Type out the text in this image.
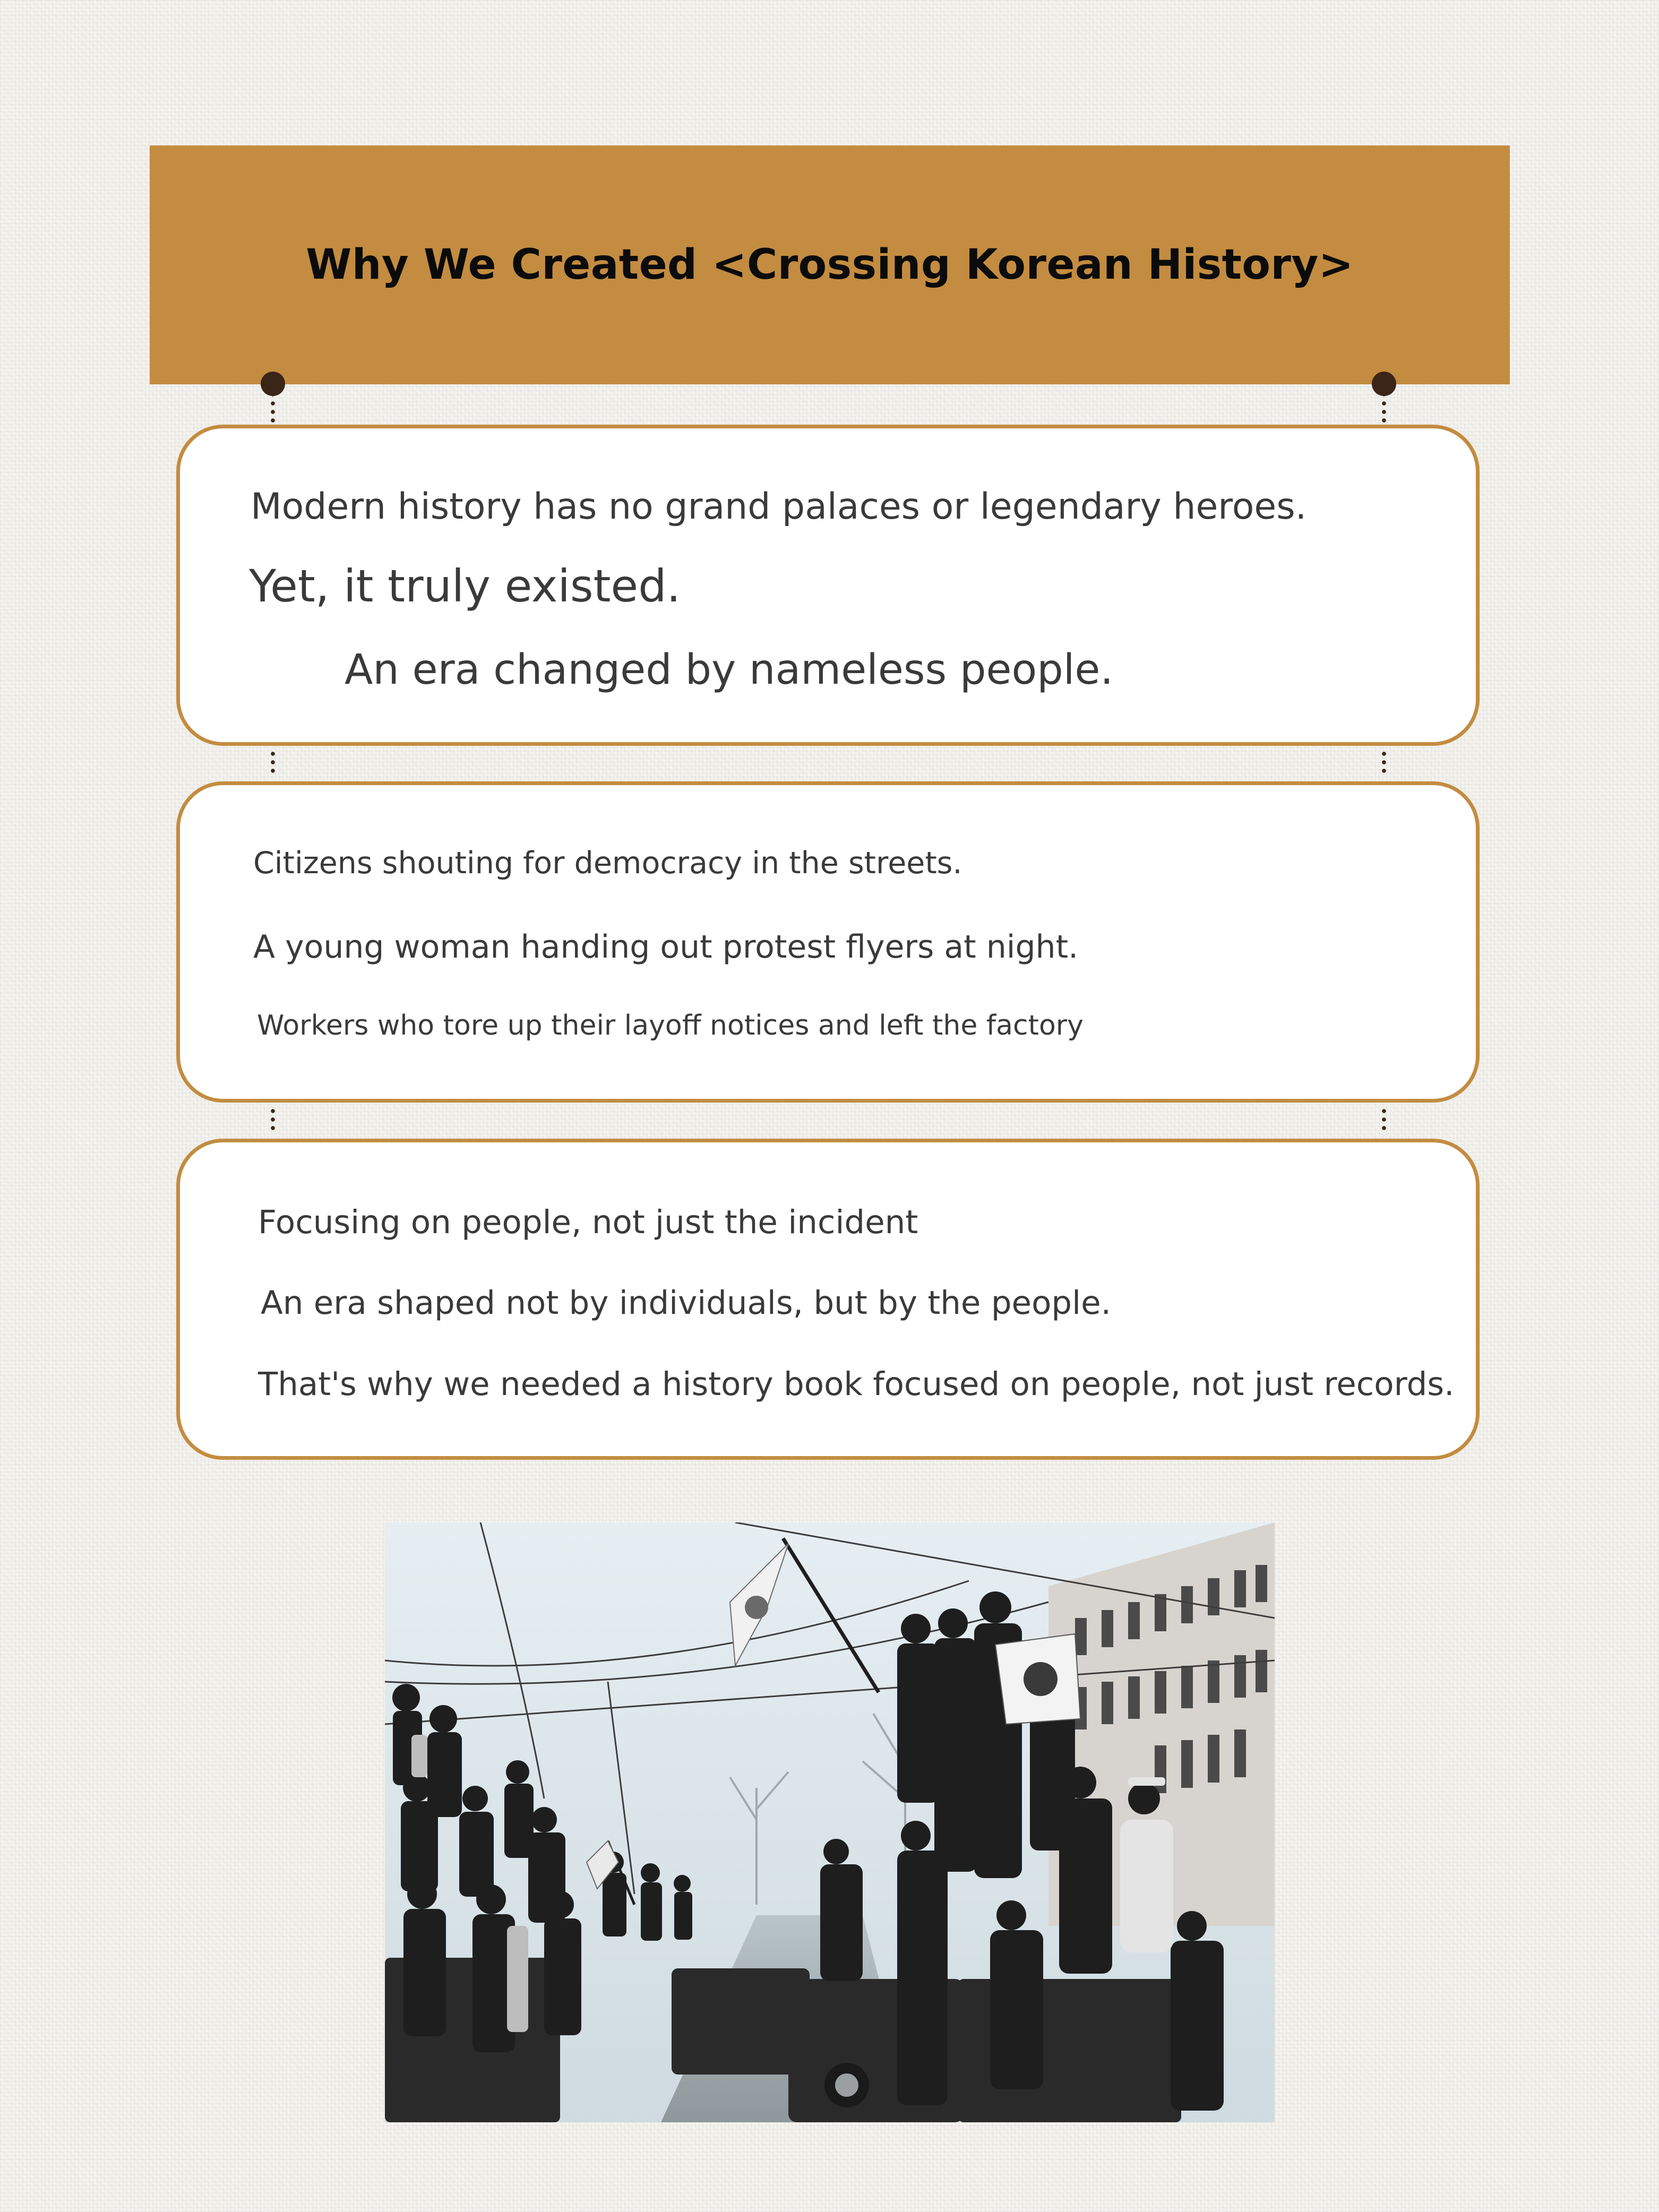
Why We Created <Crossing Korean History>
Modern history has no grand palaces or legendary heroes.
Yet, it truly existed.
An era changed by nameless people.
Citizens shouting for democracy in the streets.
A young woman handing out protest flyers at night.
Workers who tore up their layoff notices and left the factory
Focusing on people, not just the incident
An era shaped not by individuals, but by the people.
That's why we needed a history book focused on people, not just records.
